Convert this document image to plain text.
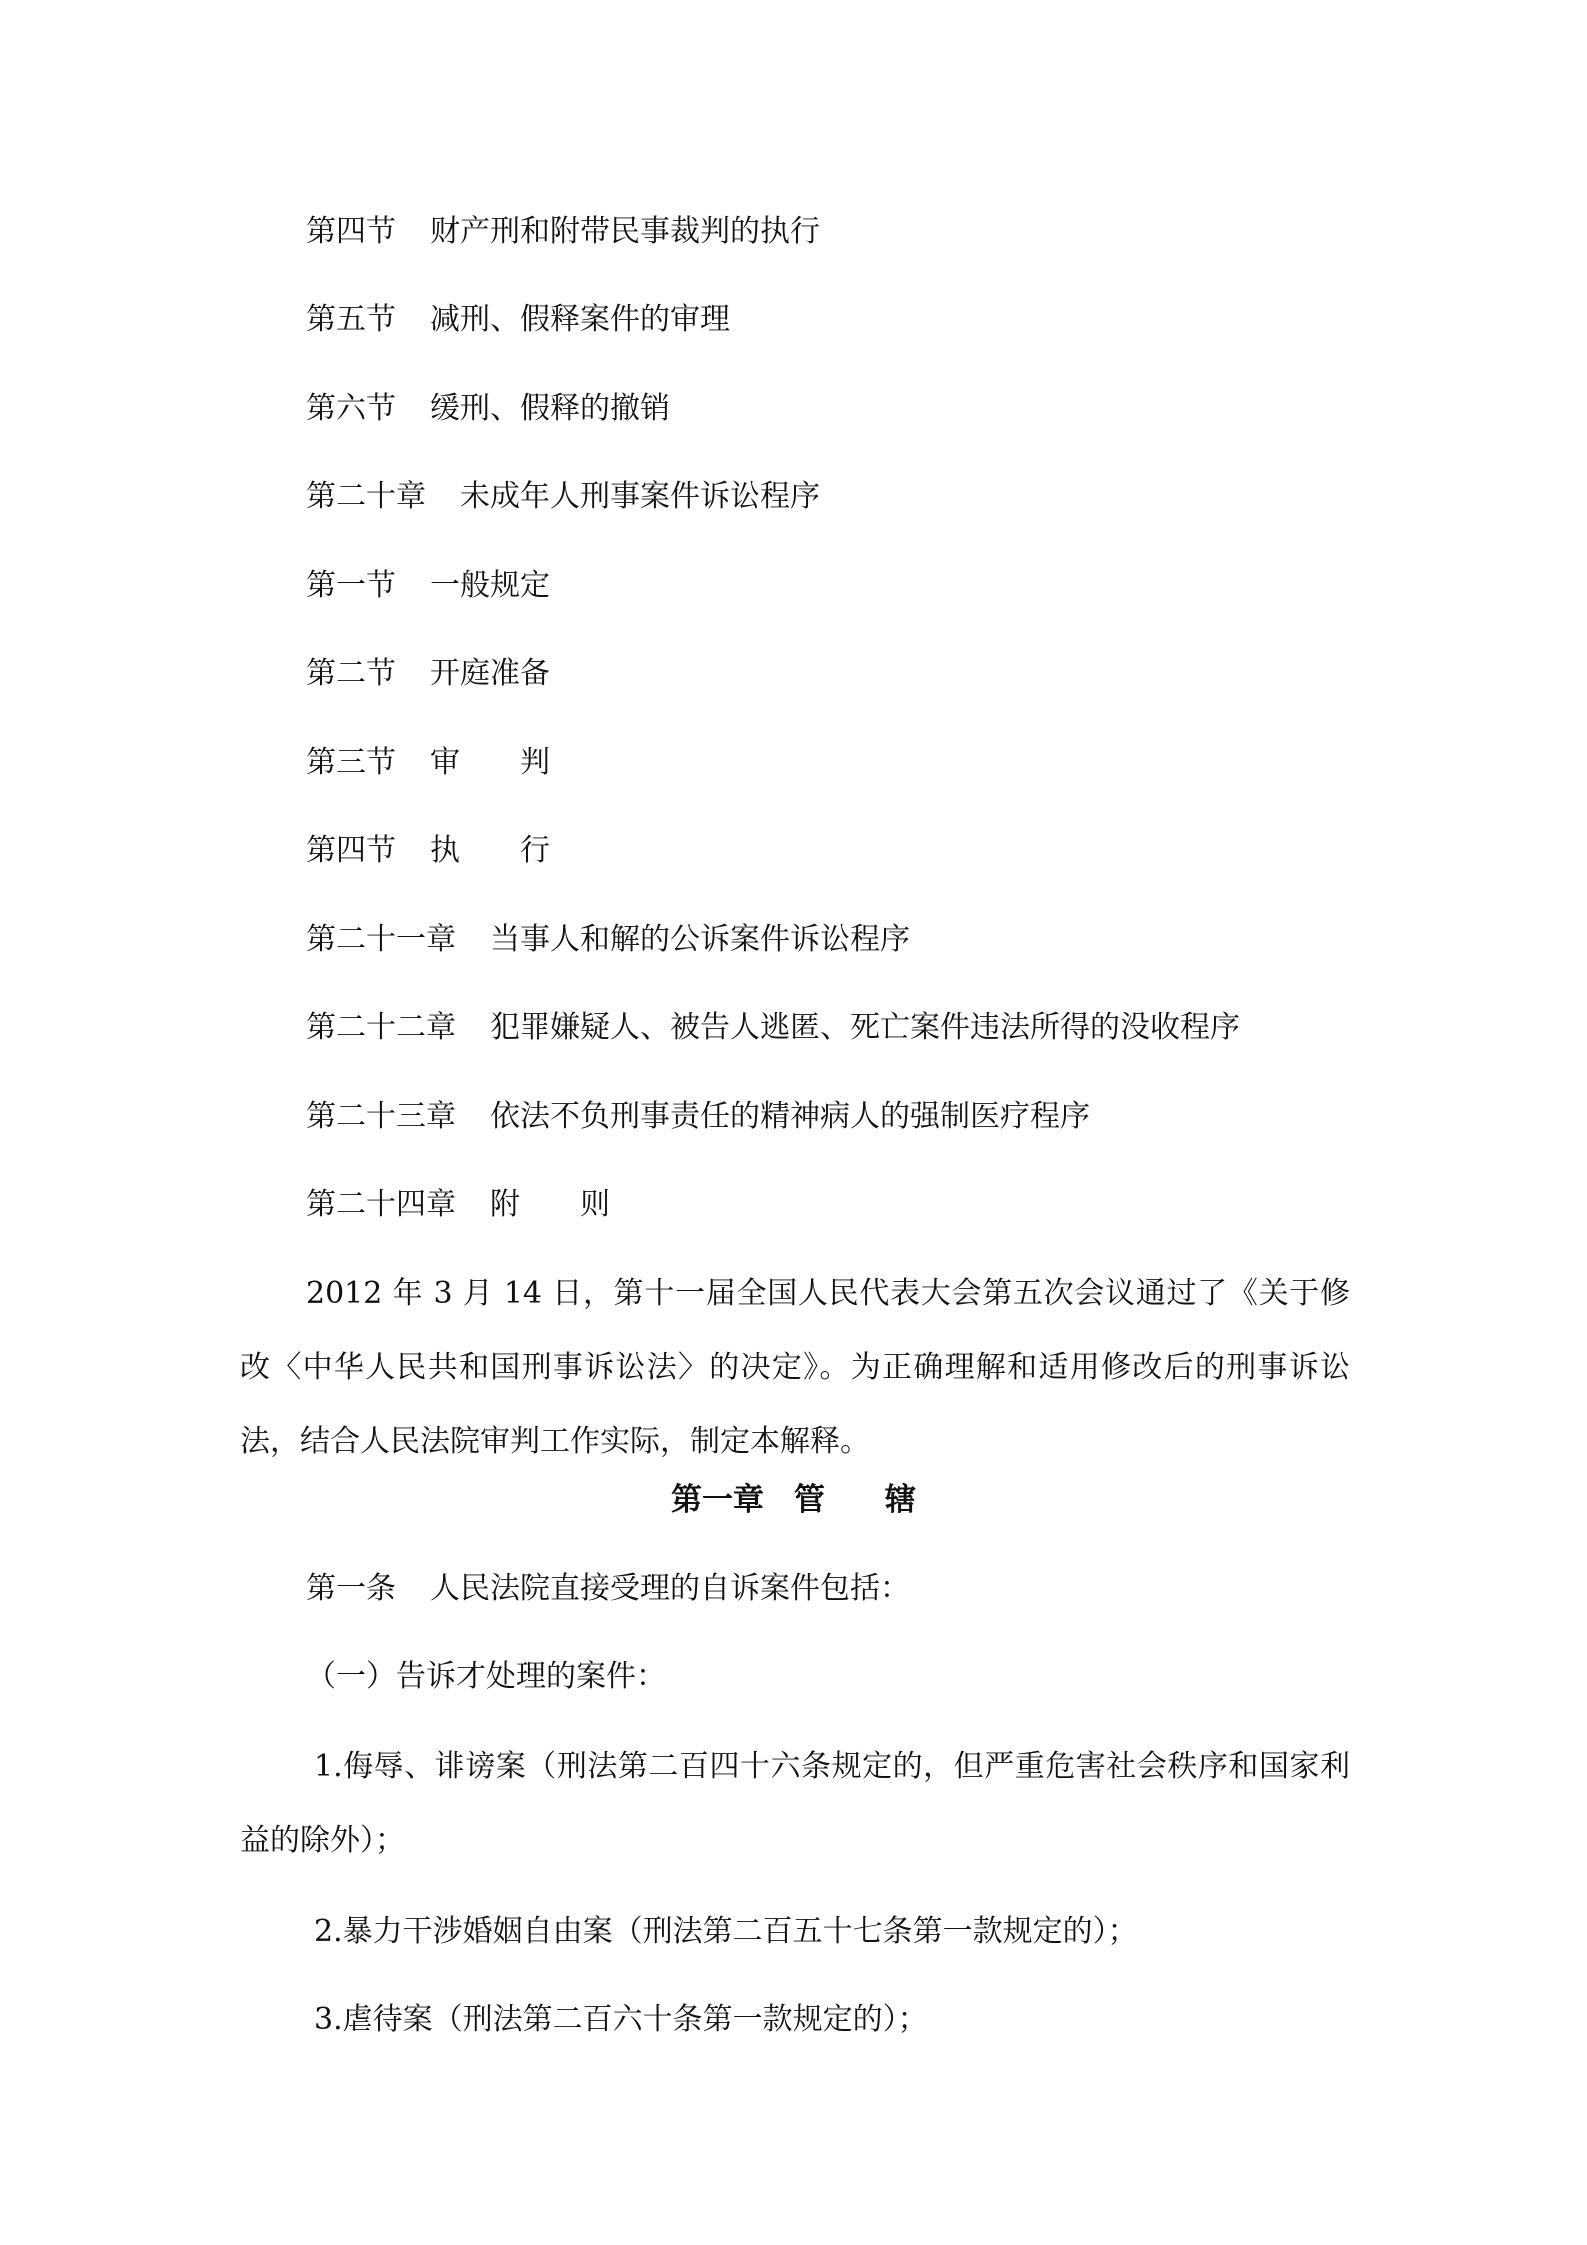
第四节 财产刑和附带民事裁判的执行
第五节 减刑、假释案件的审理
第六节 缓刑、假释的撤销
第二十章 未成年人刑事案件诉讼程序
第一节 一般规定
第二节 开庭准备
第三节 审 判
第四节 执 行
第二十一章 当事人和解的公诉案件诉讼程序
第二十二章 犯罪嫌疑人、被告人逃匿、死亡案件违法所得的没收程序
第二十三章 依法不负刑事责任的精神病人的强制医疗程序
第二十四章 附 则
2012 年 3 月 14 日，第十一届全国人民代表大会第五次会议通过了《关于修改〈中华人民共和国刑事诉讼法〉的决定》。为正确理解和适用修改后的刑事诉讼法，结合人民法院审判工作实际，制定本解释。
第一章 管 辖
第一条 人民法院直接受理的自诉案件包括：
（一）告诉才处理的案件：
1.侮辱、诽谤案（刑法第二百四十六条规定的，但严重危害社会秩序和国家利益的除外）；
2.暴力干涉婚姻自由案（刑法第二百五十七条第一款规定的）；
3.虐待案（刑法第二百六十条第一款规定的）；
